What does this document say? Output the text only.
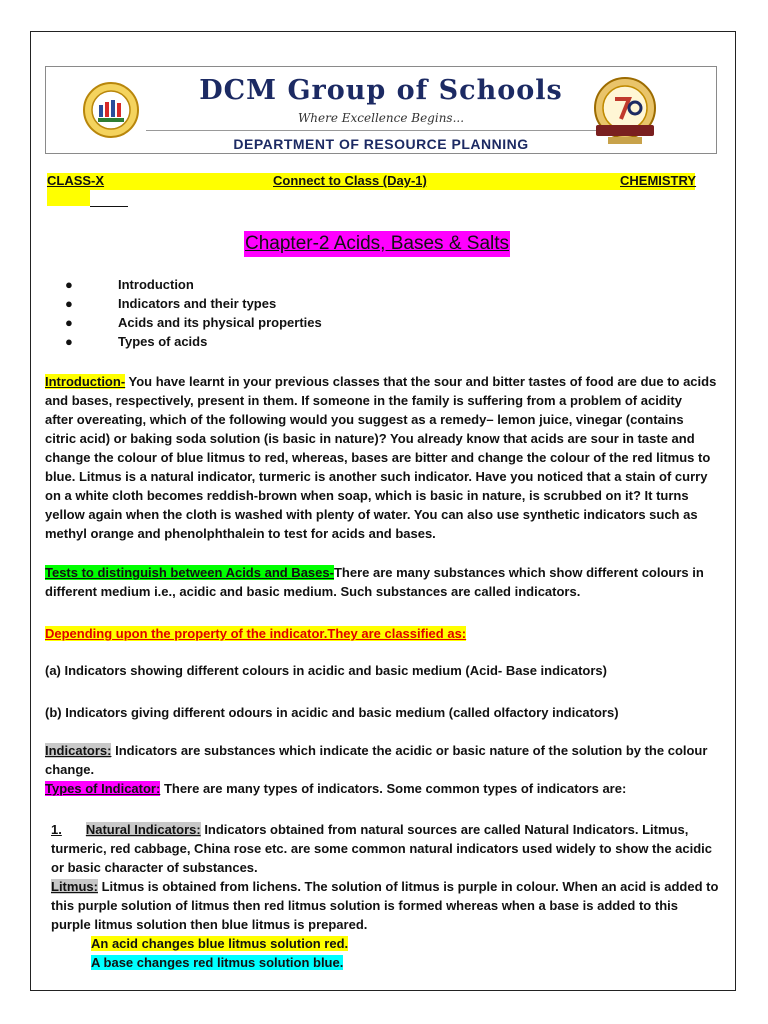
DCM Group of Schools
Where Excellence Begins...
DEPARTMENT OF RESOURCE PLANNING
CLASS-X	Connect to Class (Day-1)	CHEMISTRY
Chapter-2 Acids, Bases & Salts
●	Introduction
●	Indicators and their types
●	Acids and its physical properties
●	Types of acids
Introduction- You have learnt in your previous classes that the sour and bitter tastes of food are due to acids
and bases, respectively, present in them. If someone in the family is suffering from a problem of acidity
after overeating, which of the following would you suggest as a remedy– lemon juice, vinegar (contains
citric acid) or baking soda solution (is basic in nature)? You already know that acids are sour in taste and
change the colour of blue litmus to red, whereas, bases are bitter and change the colour of the red litmus to
blue. Litmus is a natural indicator, turmeric is another such indicator. Have you noticed that a stain of curry
on a white cloth becomes reddish-brown when soap, which is basic in nature, is scrubbed on it? It turns
yellow again when the cloth is washed with plenty of water. You can also use synthetic indicators such as
methyl orange and phenolphthalein to test for acids and bases.
Tests to distinguish between Acids and Bases-There are many substances which show different colours in
different medium i.e., acidic and basic medium. Such substances are called indicators.
Depending upon the property of the indicator.They are classified as:
(a) Indicators showing different colours in acidic and basic medium (Acid- Base indicators)
(b) Indicators giving different odours in acidic and basic medium (called olfactory indicators)
Indicators: Indicators are substances which indicate the acidic or basic nature of the solution by the colour
change.
Types of Indicator: There are many types of indicators. Some common types of indicators are:
1. Natural Indicators: Indicators obtained from natural sources are called Natural Indicators. Litmus,
turmeric, red cabbage, China rose etc. are some common natural indicators used widely to show the acidic
or basic character of substances.
Litmus: Litmus is obtained from lichens. The solution of litmus is purple in colour. When an acid is added to
this purple solution of litmus then red litmus solution is formed whereas when a base is added to this
purple litmus solution then blue litmus is prepared.
An acid changes blue litmus solution red.
A base changes red litmus solution blue.
